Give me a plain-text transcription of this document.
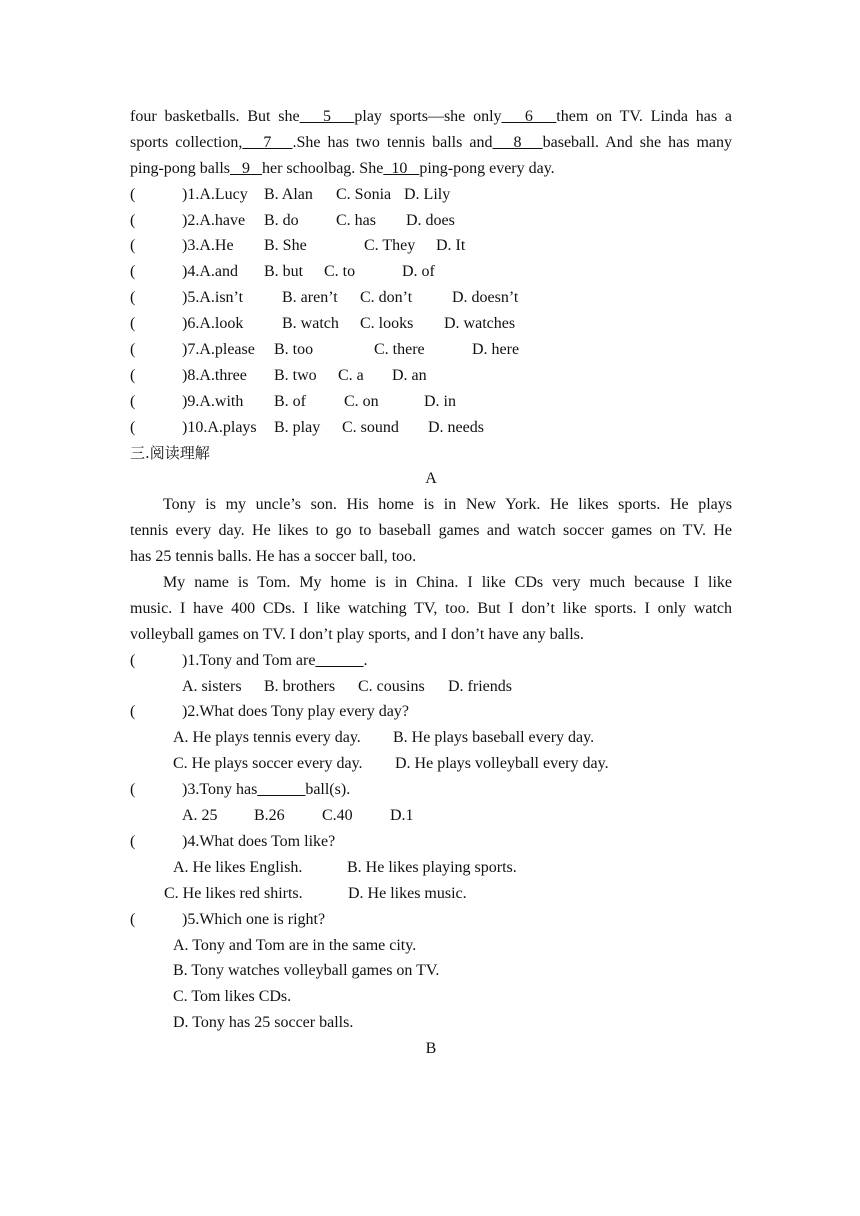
four basketballs. But she   5   play sports—she only   6   them on TV. Linda has a
sports collection,   7   .She has two tennis balls and   8   baseball. And she has many
ping-pong balls   9   her schoolbag. She  10   ping-pong every day.
(	)1.A.Lucy B. Alan C. Sonia D. Lily
(	)2.A.have B. do C. has D. does
(	)3.A.He B. She	C. They D. It
(	)4.A.and B. but C. to	D. of
(	)5.A.isn’t B. aren’t C. don’t D. doesn’t
(	)6.A.look B. watch C. looks D. watches
(	)7.A.please B. too	C. there	D. here
(	)8.A.three B. two C. a D. an
(	)9.A.with B. of C. on	D. in
(	)10.A.plays B. play C. sound D. needs
三.阅读理解
A
Tony is my uncle’s son. His home is in New York. He likes sports. He plays
tennis every day. He likes to go to baseball games and watch soccer games on TV. He
has 25 tennis balls. He has a soccer ball, too.
My name is Tom. My home is in China. I like CDs very much because I like
music. I have 400 CDs. I like watching TV, too. But I don’t like sports. I only watch
volleyball games on TV. I don’t play sports, and I don’t have any balls.
(	)1.Tony and Tom are______.
A. sisters B. brothers C. cousins D. friends
(	)2.What does Tony play every day?
A. He plays tennis every day. B. He plays baseball every day.
C. He plays soccer every day. D. He plays volleyball every day.
(	)3.Tony has______ball(s).
A. 25 B.26 C.40 D.1
(	)4.What does Tom like?
A. He likes English.	B. He likes playing sports.
C. He likes red shirts.	D. He likes music.
(	)5.Which one is right?
A. Tony and Tom are in the same city.
B. Tony watches volleyball games on TV.
C. Tom likes CDs.
D. Tony has 25 soccer balls.
B
